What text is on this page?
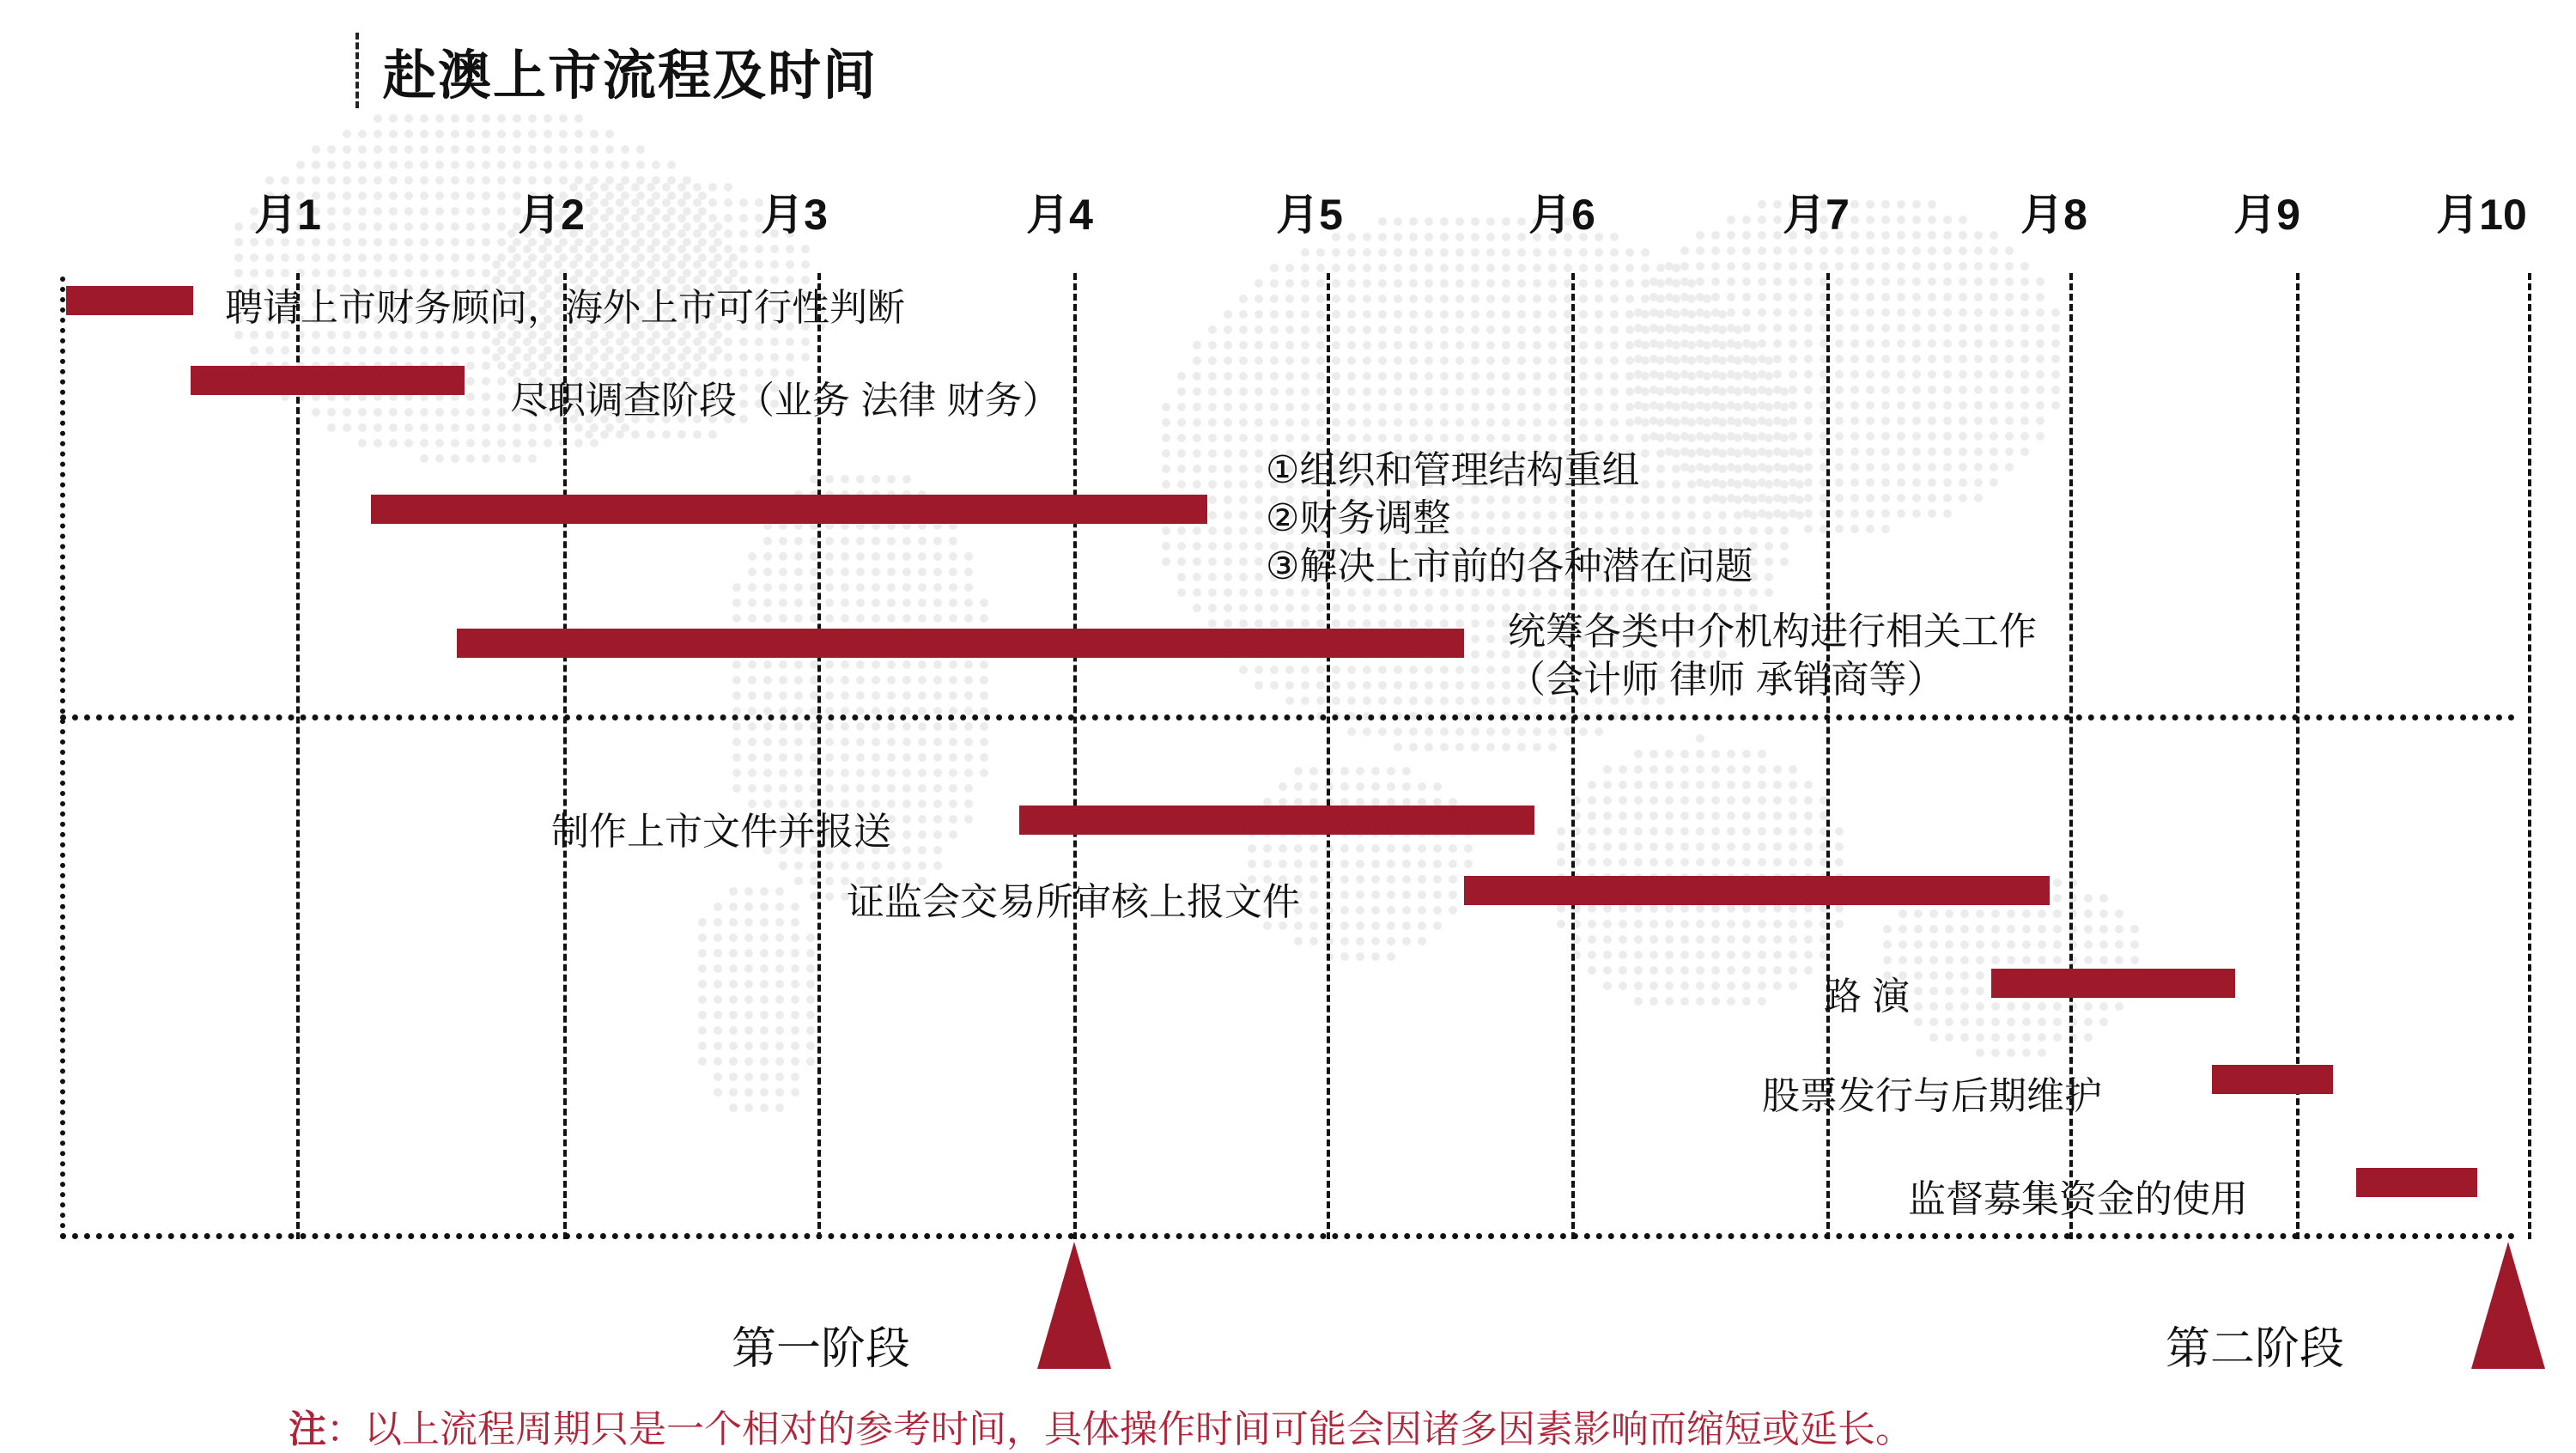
赴澳上市流程及时间
月1	月2	月3	月4	月5	月6	月7	月8	月9	月10
聘请上市财务顾问，海外上市可行性判断
尽职调查阶段（业务 法律 财务）
①组织和管理结构重组
②财务调整
③解决上市前的各种潜在问题
统筹各类中介机构进行相关工作
（会计师 律师 承销商等）
制作上市文件并报送
证监会交易所审核上报文件
路 演
股票发行与后期维护
监督募集资金的使用
第一阶段	第二阶段
注：以上流程周期只是一个相对的参考时间，具体操作时间可能会因诸多因素影响而缩短或延长。
